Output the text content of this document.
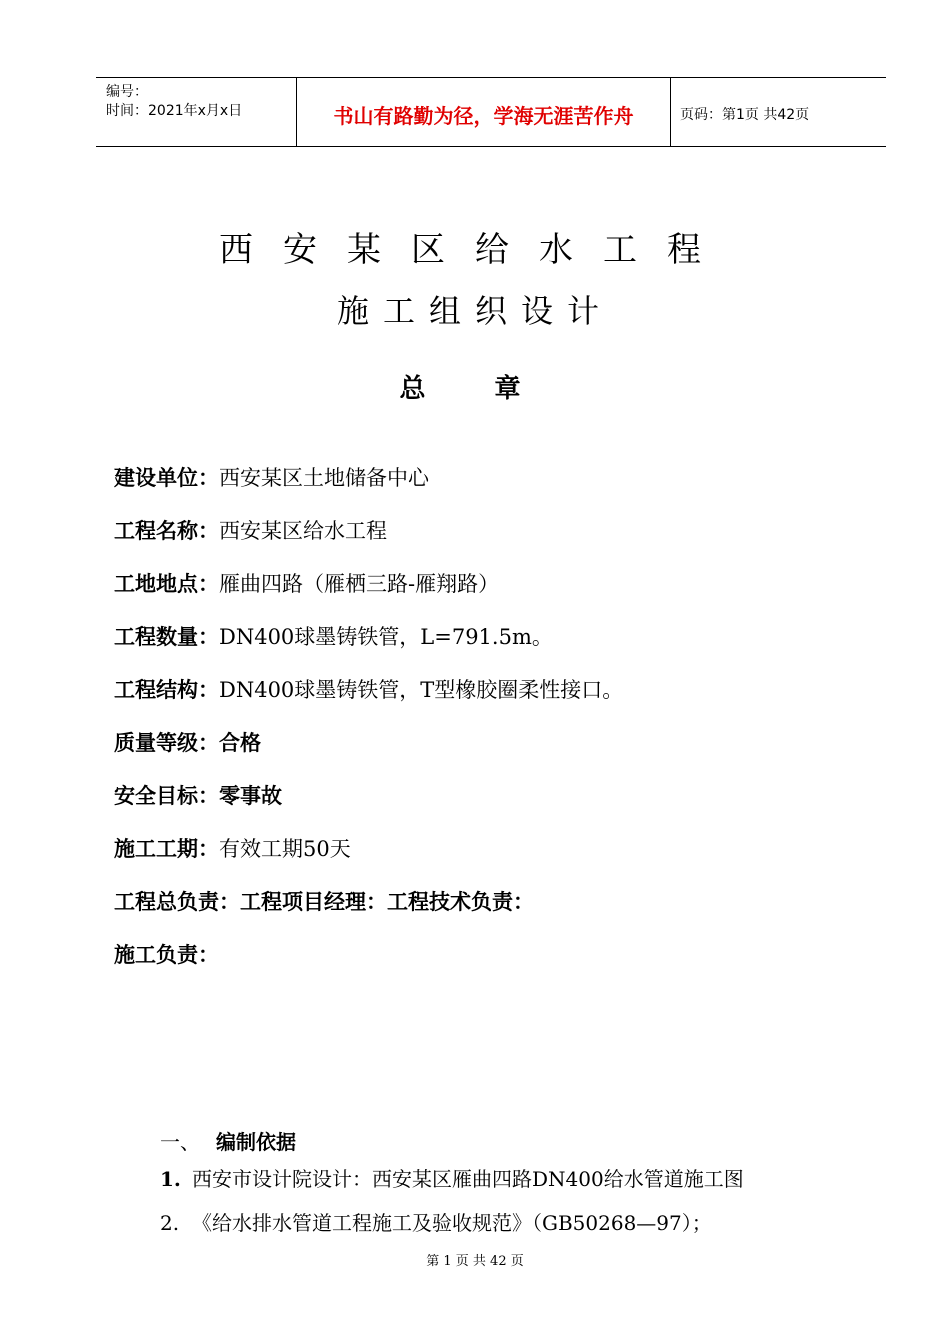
编号：
时间：2021年x月x日	书山有路勤为径，学海无涯苦作舟	页码：第1页 共42页
西安某区给水工程
施工组织设计
总 章
建设单位：西安某区土地储备中心
工程名称：西安某区给水工程
工地地点：雁曲四路（雁栖三路-雁翔路）
工程数量：DN400球墨铸铁管，L=791.5m。
工程结构：DN400球墨铸铁管，T型橡胶圈柔性接口。
质量等级：合格
安全目标：零事故
施工工期：有效工期50天
工程总负责：工程项目经理：工程技术负责：
施工负责：
一、 编制依据
1. 西安市设计院设计：西安某区雁曲四路DN400给水管道施工图
2. 《给水排水管道工程施工及验收规范》（GB50268—97）；
第 1 页 共 42 页
